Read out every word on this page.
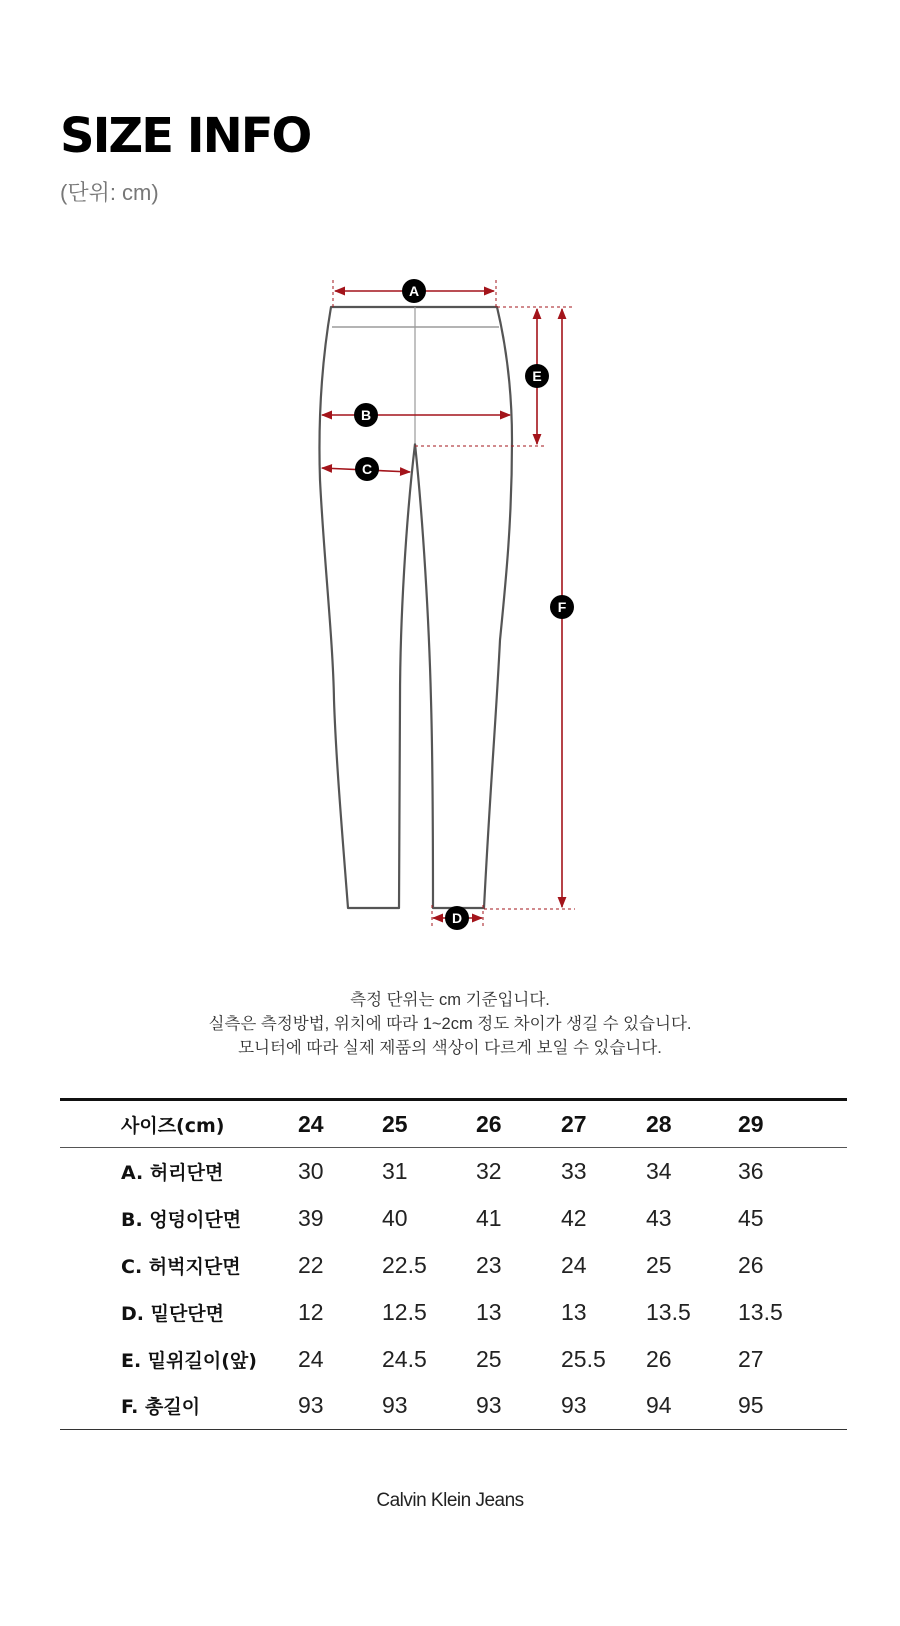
SIZE INFO
(단위: cm)
A
B
C
D
E
F
측정 단위는 cm 기준입니다.
실측은 측정방법, 위치에 따라 1~2cm 정도 차이가 생길 수 있습니다.
모니터에 따라 실제 제품의 색상이 다르게 보일 수 있습니다.
	사이즈(cm)	24	25	26	27	28	29
	A. 허리단면	30	31	32	33	34	36
	B. 엉덩이단면	39	40	41	42	43	45
	C. 허벅지단면	22	22.5	23	24	25	26
	D. 밑단단면	12	12.5	13	13	13.5	13.5
	E. 밑위길이(앞)	24	24.5	25	25.5	26	27
	F. 총길이	93	93	93	93	94	95
Calvin Klein Jeans
